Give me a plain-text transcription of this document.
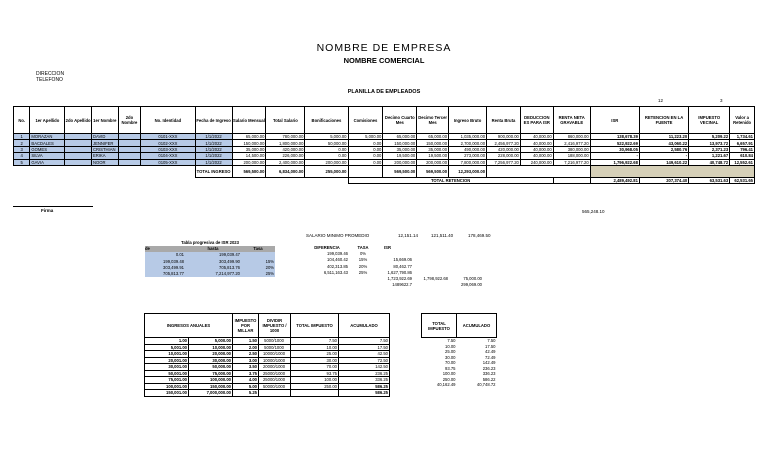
NOMBRE DE EMPRESA
NOMBRE COMERCIAL
DIRECCION
TELEFONO
PLANILLA DE EMPLEADOS
12	3
No.	1er Apellido	2do Apellido	1er Nombre	2do Nombre	No. Identidad	Fecha de Ingreso	Salario Mensual	Total Salario	Bonificaciones	Comisiones	Decimo Cuarto Mes	Decimo Tercer Mes	Ingreso Bruto	Renta Bruta	DEDUCCION ES PARA ISR	RENTA NETA GRAVABLE	ISR	RETENCION EN LA FUENTE	IMPUESTO VECINAL	Valor a Retenido
1	MORAZAN		DAVID		0101-XXX	1/1/2022	65,000.00	780,000.00	5,000.00	5,000.00	65,000.00	65,000.00	1,035,000.00	900,000.00	40,000.00	860,000.00	138,678.39	11,223.20	5,209.22	1,734.61
2	BACDALES		JENNIFER		0102-XXX	1/1/2022	150,000.00	1,800,000.00	50,000.00	0.00	150,000.00	150,000.00	2,700,000.00	2,456,977.20	40,000.00	2,416,977.20	522,922.69	43,060.22	13,973.72	6,657.91
3	GOMES		CRISTHIAN		0103-XXX	1/1/2022	35,000.00	420,000.00	0.00	0.00	35,000.00	35,000.00	490,000.00	420,000.00	40,000.00	380,000.00	30,968.05	2,580.76	2,371.23	796.41
4	SILVA		ERIKA		0104-XXX	1/1/2022	14,500.00	226,000.00	0.00	0.00	19,500.00	19,500.00	273,000.00	228,000.00	40,000.00	188,000.00	-	-	1,221.67	610.84
5	GAVIA		NOOR		0105-XXX	1/1/2022	200,000.00	2,400,000.00	200,000.00	0.00	200,000.00	200,000.00	7,800,000.00	7,256,977.20	240,000.00	7,216,977.20	1,796,922.68	149,610.22	40,748.72	12,552.61
						TOTAL INGRESO	569,500.00	6,834,000.00	255,000.00		569,500.00	569,500.00	12,293,000.00							
										TOTAL RETENCION							2,489,492.81	207,374.40	63,531.63	62,531.65
Firma	565,248.10
SALARIO MINIMO PROMEDIO	12,151.14	121,511.40	178,469.50
Tabla progresiva de ISR 2023		
de	hasta	Tasa
0.01	199,039.47	
199,039.48	303,499.90	15%
303,499.91	705,813.76	20%
705,813.77	7,214,977.20	25%
DIFERENCIA	TASA	ISR		
199,039.46	0%			
104,460.42	15%	15,669.06		
402,313.85	20%	80,462.77		
6,511,163.43	25%	1,627,790.86		
		1,723,922.69	1,798,922.68	75,000.00
		1489622.7		299,069.00
INGRESOS ANUALES		IMPUESTO POR MILLAR	DIVIDIR IMPUESTO / 1000	TOTAL IMPUESTO	ACUMULADO
1.00	5,000.00	1.50	5000/1000	7.50	7.50
5,001.00	10,000.00	2.00	5000/1000	10.00	17.50
10,001.00	20,000.00	2.50	10000/1000	25.00	42.50
20,001.00	30,000.00	3.00	10000/1000	30.00	72.50
30,001.00	50,000.00	3.50	20000/1000	70.00	142.50
50,001.00	75,000.00	3.75	25000/1000	93.75	236.25
75,001.00	100,000.00	4.00	25000/1000	100.00	336.25
100,001.00	150,000.00	5.00	50000/1000	250.00	586.25
150,001.00	7,000,000.00	5.25			586.25
TOTAL IMPUESTO	ACUMULADO
7.50	7.50
10.00	17.50
25.00	42.49
30.00	72.49
70.00	142.49
93.75	236.23
100.00	336.23
250.00	586.22
40,162.49	40,748.72
